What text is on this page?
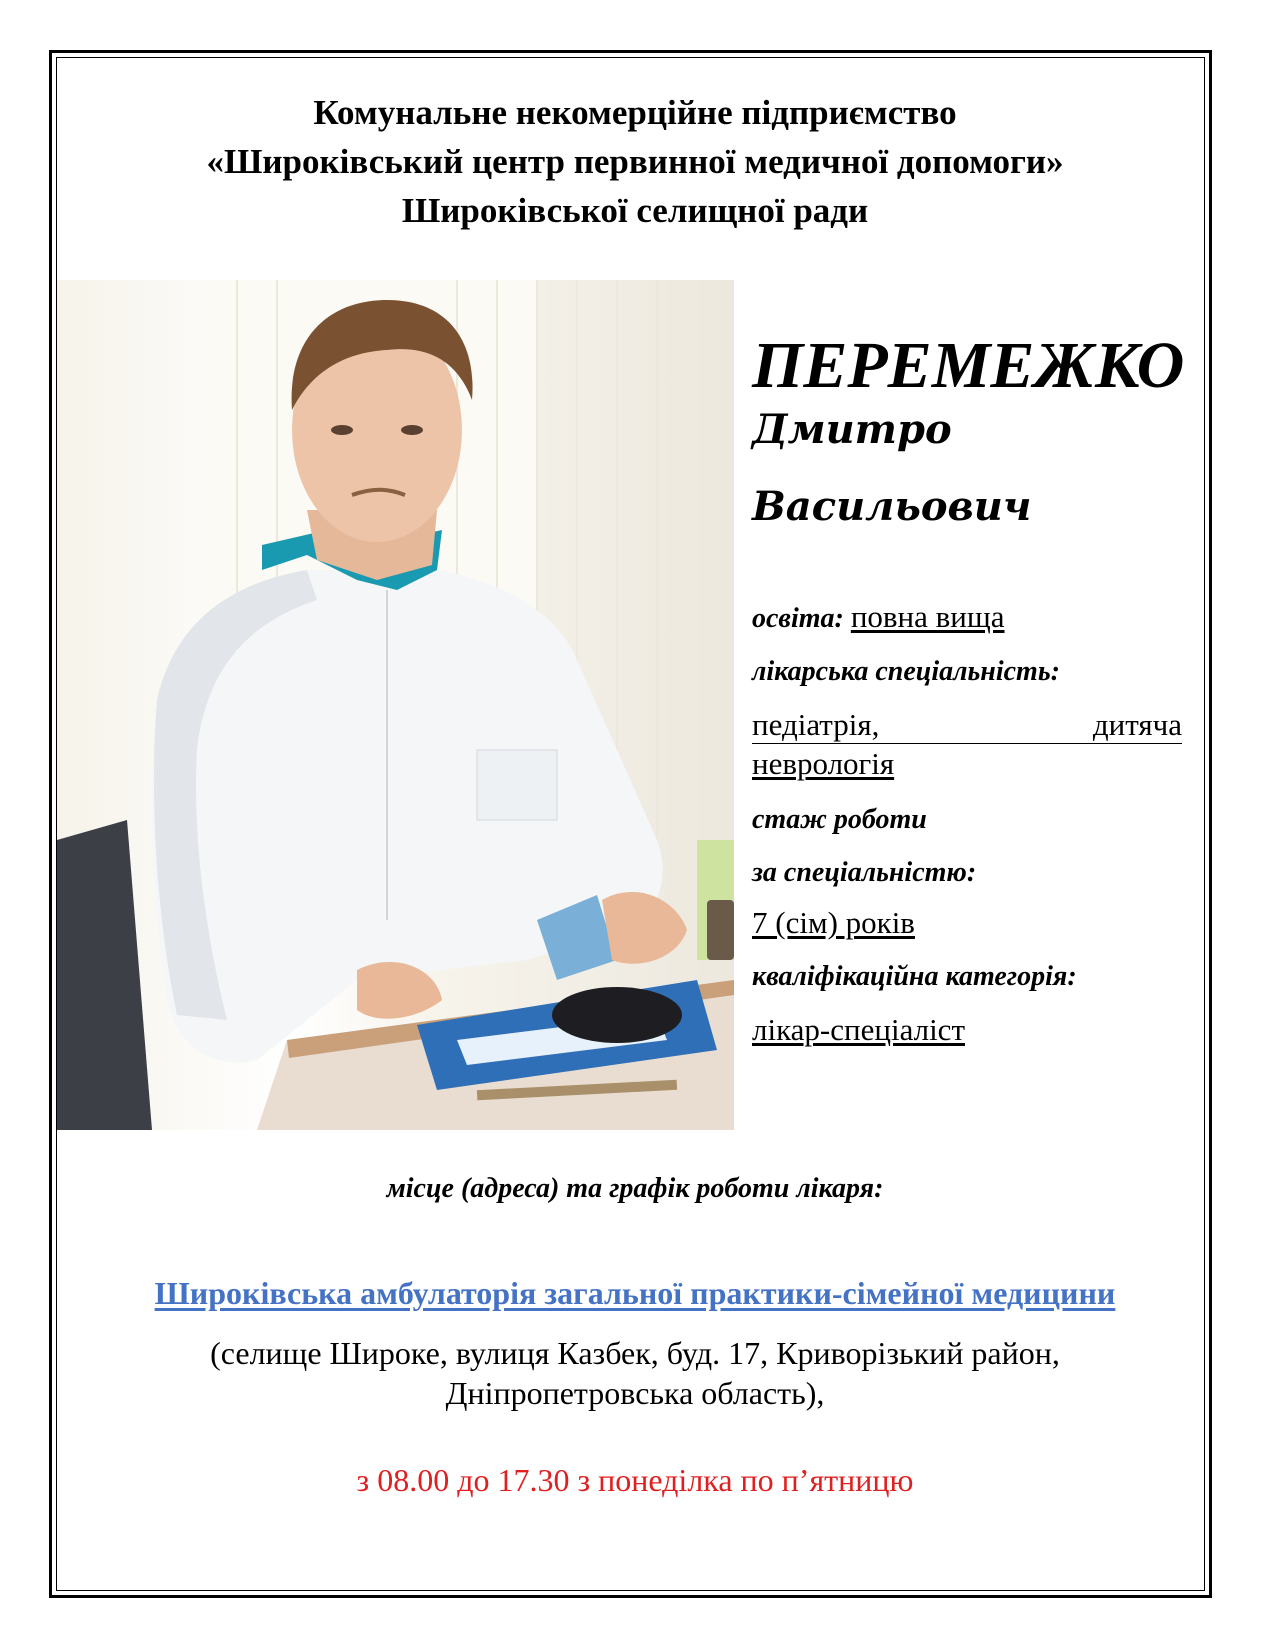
Комунальне некомерційне підприємство
«Широківський центр первинної медичної допомоги»
Широківської селищної ради
ПЕРЕМЕЖКО
Дмитро
Васильович
освіта: повна вища
лікарська спеціальність:
педіатрія,	дитяча
неврологія
стаж роботи
за спеціальністю:
7 (сім) років
кваліфікаційна категорія:
лікар-спеціаліст
місце (адреса) та графік роботи лікаря:
Широківська амбулаторія загальної практики-сімейної медицини
(селище Широке, вулиця Казбек, буд. 17, Криворізький район,
Дніпропетровська область),
з 08.00 до 17.30 з понеділка по п’ятницю
